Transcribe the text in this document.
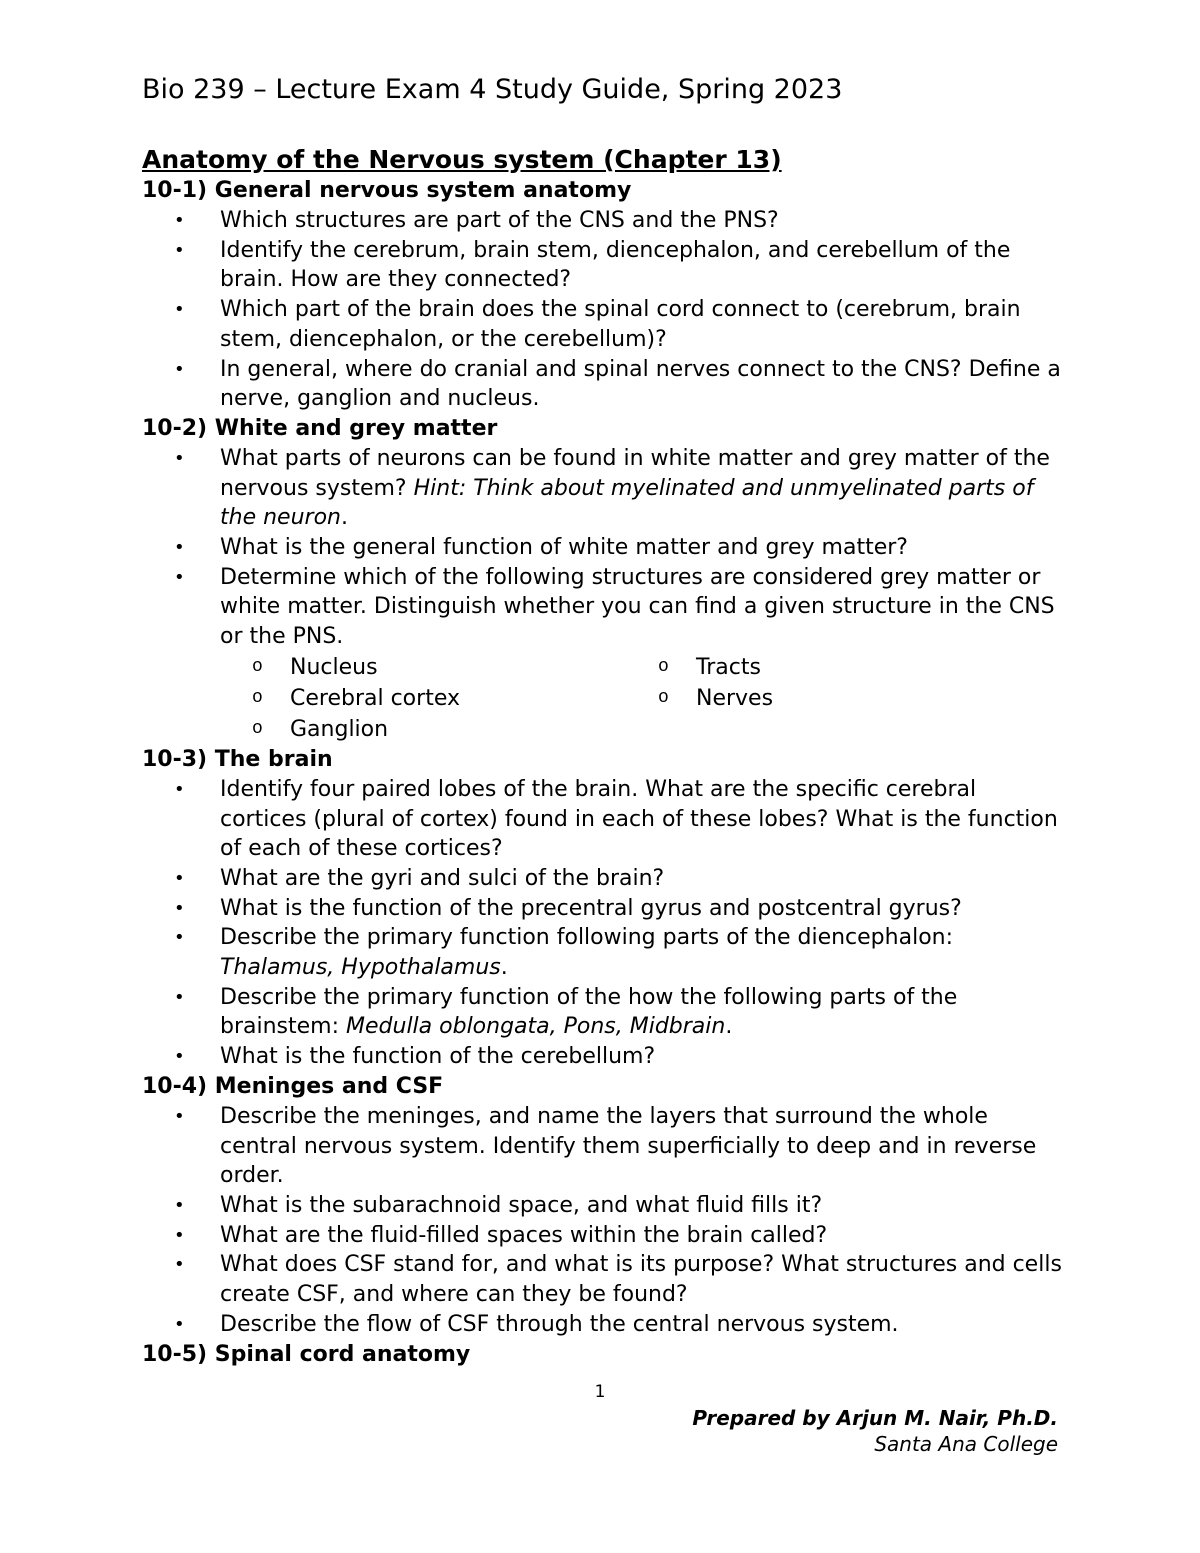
Bio 239 – Lecture Exam 4 Study Guide, Spring 2023
Anatomy of the Nervous system (Chapter 13)
10-1) General nervous system anatomy
• Which structures are part of the CNS and the PNS?
• Identify the cerebrum, brain stem, diencephalon, and cerebellum of the brain. How are they connected?
• Which part of the brain does the spinal cord connect to (cerebrum, brain stem, diencephalon, or the cerebellum)?
• In general, where do cranial and spinal nerves connect to the CNS? Define a nerve, ganglion and nucleus.
10-2) White and grey matter
• What parts of neurons can be found in white matter and grey matter of the nervous system? Hint: Think about myelinated and unmyelinated parts of the neuron.
• What is the general function of white matter and grey matter?
• Determine which of the following structures are considered grey matter or white matter. Distinguish whether you can find a given structure in the CNS or the PNS.
o Nucleus	o Tracts
o Cerebral cortex	o Nerves
o Ganglion
10-3) The brain
• Identify four paired lobes of the brain. What are the specific cerebral cortices (plural of cortex) found in each of these lobes? What is the function of each of these cortices?
• What are the gyri and sulci of the brain?
• What is the function of the precentral gyrus and postcentral gyrus?
• Describe the primary function following parts of the diencephalon: Thalamus, Hypothalamus.
• Describe the primary function of the how the following parts of the brainstem: Medulla oblongata, Pons, Midbrain.
• What is the function of the cerebellum?
10-4) Meninges and CSF
• Describe the meninges, and name the layers that surround the whole central nervous system. Identify them superficially to deep and in reverse order.
• What is the subarachnoid space, and what fluid fills it?
• What are the fluid-filled spaces within the brain called?
• What does CSF stand for, and what is its purpose? What structures and cells create CSF, and where can they be found?
• Describe the flow of CSF through the central nervous system.
10-5) Spinal cord anatomy
1
Prepared by Arjun M. Nair, Ph.D.
Santa Ana College
